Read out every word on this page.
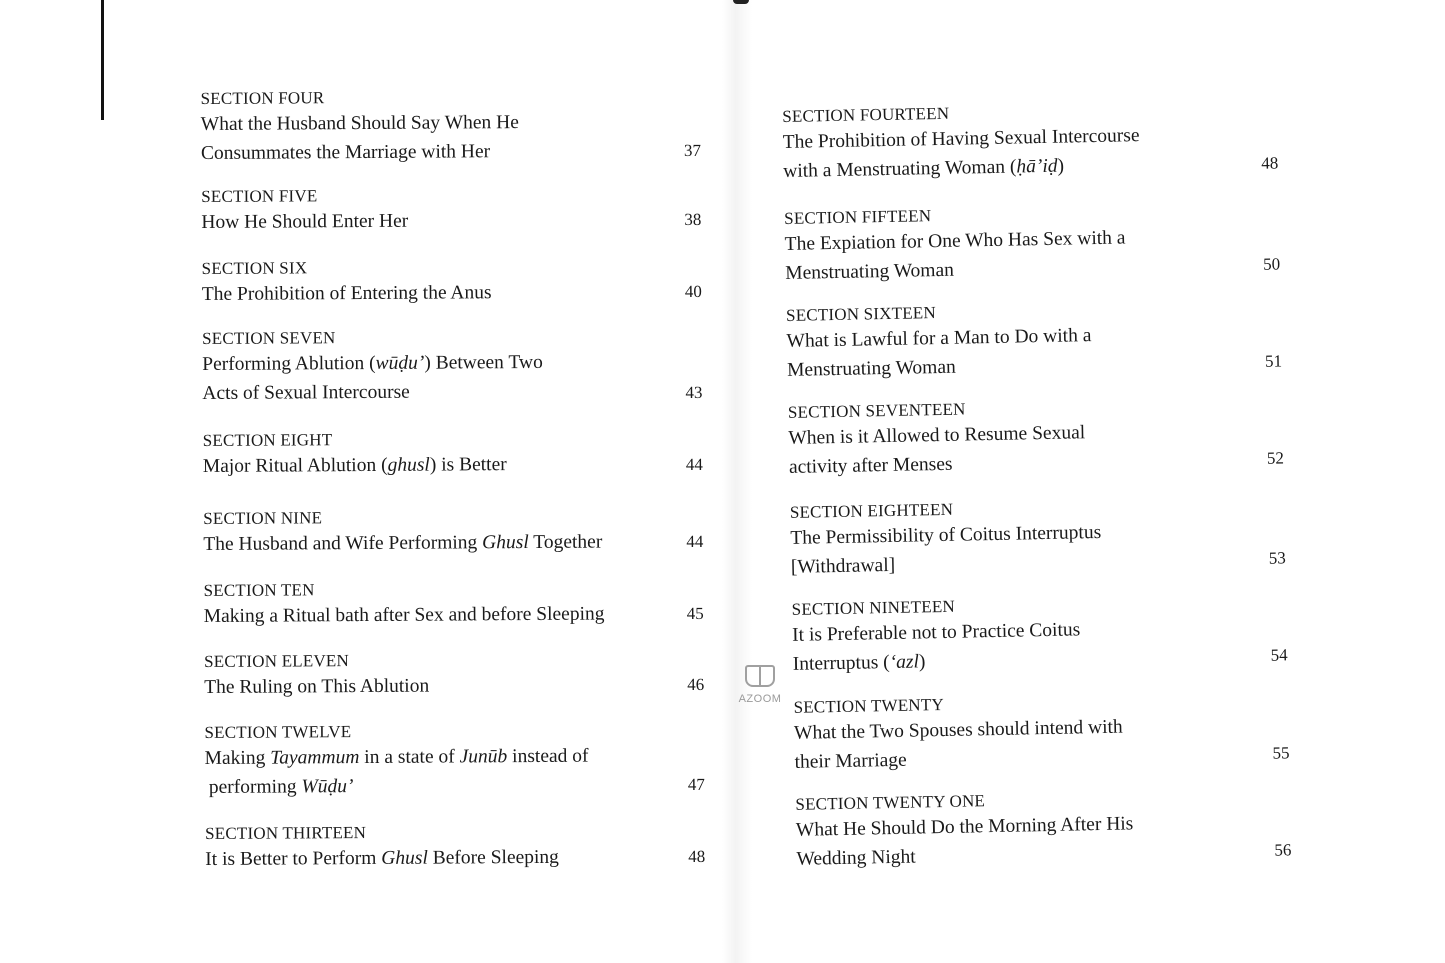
SECTION FOUR
What the Husband Should Say When He
Consummates the Marriage with Her	37
SECTION FIVE
How He Should Enter Her	38
SECTION SIX
The Prohibition of Entering the Anus	40
SECTION SEVEN
Performing Ablution (wūḍu’) Between Two
Acts of Sexual Intercourse	43
SECTION EIGHT
Major Ritual Ablution (ghusl) is Better	44
SECTION NINE
The Husband and Wife Performing Ghusl Together	44
SECTION TEN
Making a Ritual bath after Sex and before Sleeping	45
SECTION ELEVEN
The Ruling on This Ablution	46
SECTION TWELVE
Making Tayammum in a state of Junūb instead of
performing Wūḍu’	47
SECTION THIRTEEN
It is Better to Perform Ghusl Before Sleeping	48
SECTION FOURTEEN
The Prohibition of Having Sexual Intercourse
with a Menstruating Woman (ḥā’iḍ)	48
SECTION FIFTEEN
The Expiation for One Who Has Sex with a
Menstruating Woman	50
SECTION SIXTEEN
What is Lawful for a Man to Do with a
Menstruating Woman	51
SECTION SEVENTEEN
When is it Allowed to Resume Sexual
activity after Menses	52
SECTION EIGHTEEN
The Permissibility of Coitus Interruptus
[Withdrawal]	53
SECTION NINETEEN
It is Preferable not to Practice Coitus
Interruptus (‘azl)	54
SECTION TWENTY
What the Two Spouses should intend with
their Marriage	55
SECTION TWENTY ONE
What He Should Do the Morning After His
Wedding Night	56
AZOOM
